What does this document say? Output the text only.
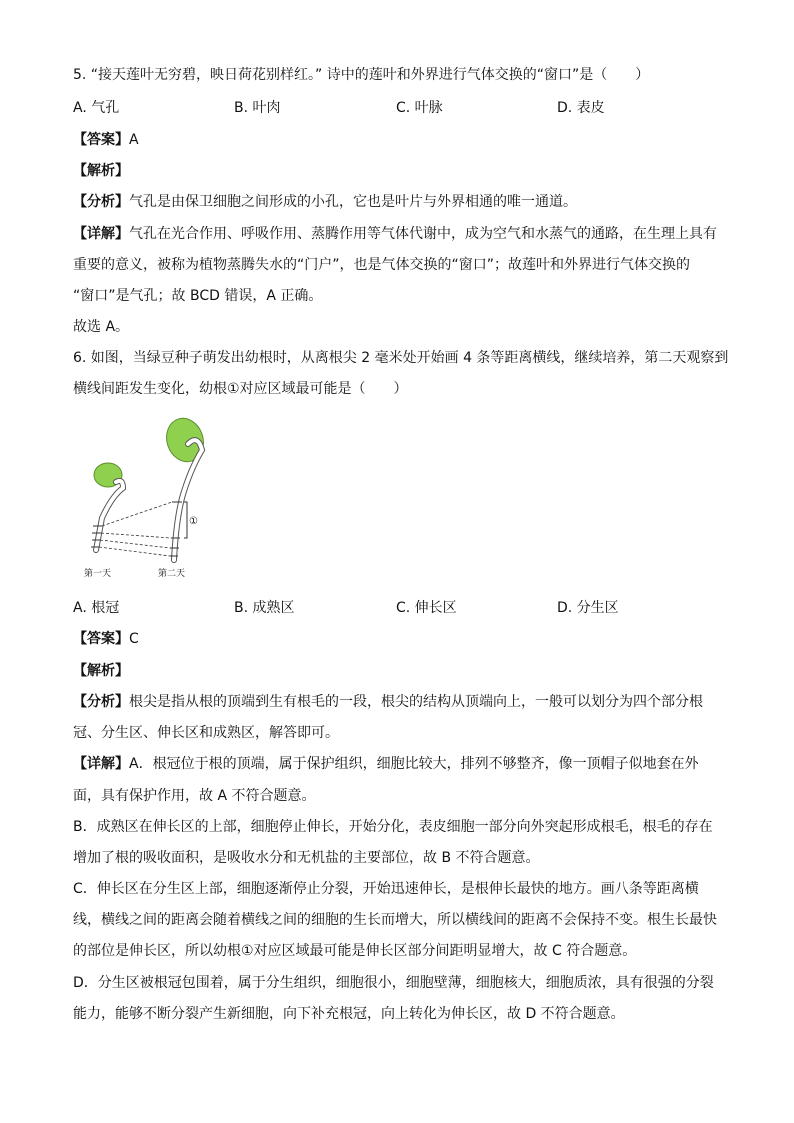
5. “接天莲叶无穷碧，映日荷花别样红。” 诗中的莲叶和外界进行气体交换的“窗口”是（　　）
A. 气孔	B. 叶肉	C. 叶脉	D. 表皮
【答案】A
【解析】
【分析】气孔是由保卫细胞之间形成的小孔，它也是叶片与外界相通的唯一通道。
【详解】气孔在光合作用、呼吸作用、蒸腾作用等气体代谢中，成为空气和水蒸气的通路，在生理上具有
重要的意义，被称为植物蒸腾失水的“门户”，也是气体交换的“窗口”；故莲叶和外界进行气体交换的
“窗口”是气孔；故 BCD 错误，A 正确。
故选 A。
6. 如图，当绿豆种子萌发出幼根时，从离根尖 2 毫米处开始画 4 条等距离横线，继续培养，第二天观察到
横线间距发生变化，幼根①对应区域最可能是（　　）
①
第一天	第二天
A. 根冠	B. 成熟区	C. 伸长区	D. 分生区
【答案】C
【解析】
【分析】根尖是指从根的顶端到生有根毛的一段，根尖的结构从顶端向上，一般可以划分为四个部分根
冠、分生区、伸长区和成熟区，解答即可。
【详解】A．根冠位于根的顶端，属于保护组织，细胞比较大，排列不够整齐，像一顶帽子似地套在外
面，具有保护作用，故 A 不符合题意。
B．成熟区在伸长区的上部，细胞停止伸长，开始分化，表皮细胞一部分向外突起形成根毛，根毛的存在
增加了根的吸收面积，是吸收水分和无机盐的主要部位，故 B 不符合题意。
C．伸长区在分生区上部，细胞逐渐停止分裂，开始迅速伸长，是根伸长最快的地方。画八条等距离横
线，横线之间的距离会随着横线之间的细胞的生长而增大，所以横线间的距离不会保持不变。根生长最快
的部位是伸长区，所以幼根①对应区域最可能是伸长区部分间距明显增大，故 C 符合题意。
D．分生区被根冠包围着，属于分生组织，细胞很小，细胞壁薄，细胞核大，细胞质浓，具有很强的分裂
能力，能够不断分裂产生新细胞，向下补充根冠，向上转化为伸长区，故 D 不符合题意。
